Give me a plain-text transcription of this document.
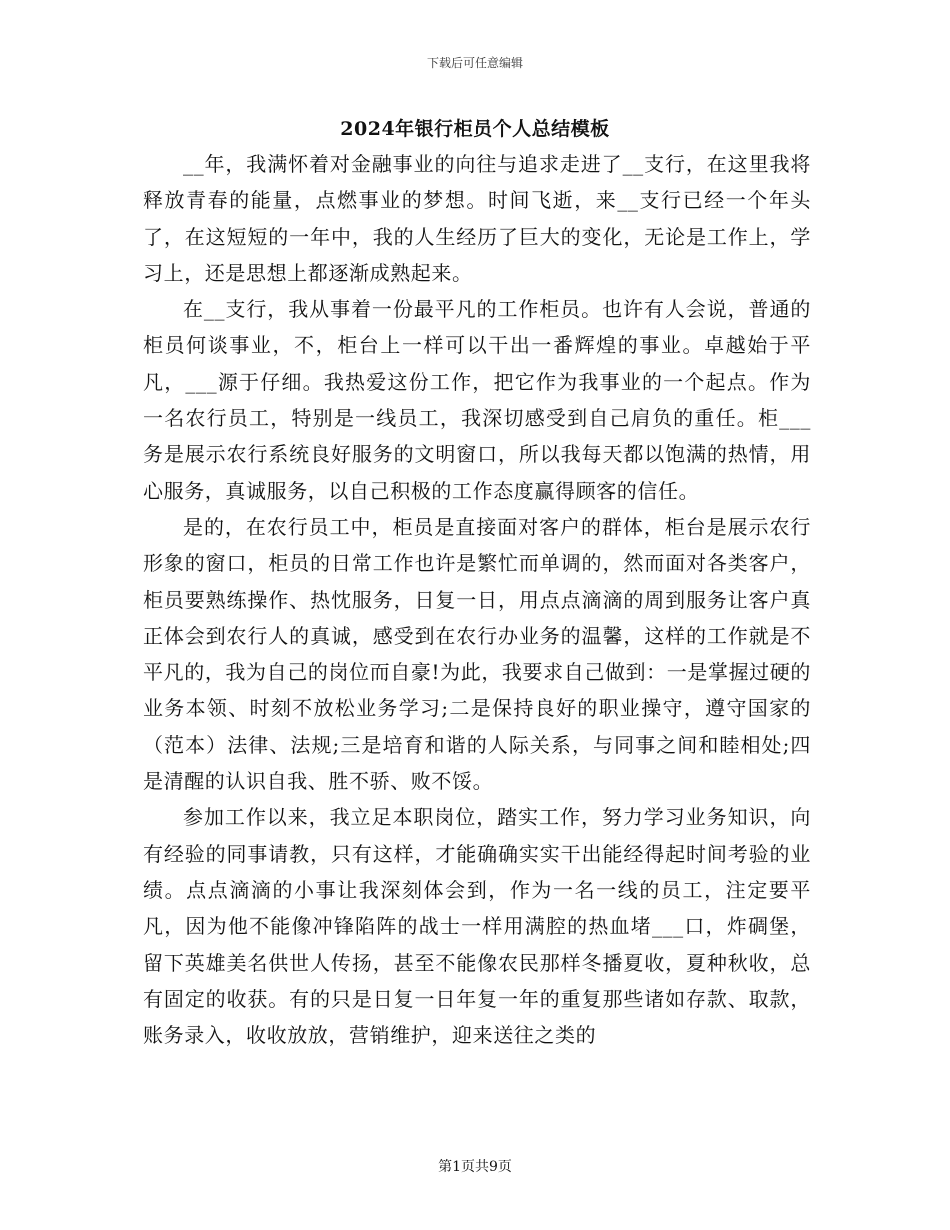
下载后可任意编辑
2024年银行柜员个人总结模板

__年，我满怀着对金融事业的向往与追求走进了__支行，在这里我将释放青春的能量，点燃事业的梦想。时间飞逝，来__支行已经一个年头了，在这短短的一年中，我的人生经历了巨大的变化，无论是工作上，学习上，还是思想上都逐渐成熟起来。

在__支行，我从事着一份最平凡的工作柜员。也许有人会说，普通的柜员何谈事业，不，柜台上一样可以干出一番辉煌的事业。卓越始于平凡，___源于仔细。我热爱这份工作，把它作为我事业的一个起点。作为一名农行员工，特别是一线员工，我深切感受到自己肩负的重任。柜___务是展示农行系统良好服务的文明窗口，所以我每天都以饱满的热情，用心服务，真诚服务，以自己积极的工作态度赢得顾客的信任。

是的，在农行员工中，柜员是直接面对客户的群体，柜台是展示农行形象的窗口，柜员的日常工作也许是繁忙而单调的，然而面对各类客户，柜员要熟练操作、热忱服务，日复一日，用点点滴滴的周到服务让客户真正体会到农行人的真诚，感受到在农行办业务的温馨，这样的工作就是不平凡的，我为自己的岗位而自豪!为此，我要求自己做到：一是掌握过硬的业务本领、时刻不放松业务学习;二是保持良好的职业操守，遵守国家的（范本）法律、法规;三是培育和谐的人际关系，与同事之间和睦相处;四是清醒的认识自我、胜不骄、败不馁。

参加工作以来，我立足本职岗位，踏实工作，努力学习业务知识，向有经验的同事请教，只有这样，才能确确实实干出能经得起时间考验的业绩。点点滴滴的小事让我深刻体会到，作为一名一线的员工，注定要平凡，因为他不能像冲锋陷阵的战士一样用满腔的热血堵___口，炸碉堡，留下英雄美名供世人传扬，甚至不能像农民那样冬播夏收，夏种秋收，总有固定的收获。有的只是日复一日年复一年的重复那些诸如存款、取款，账务录入，收收放放，营销维护，迎来送往之类的

第1页共9页
